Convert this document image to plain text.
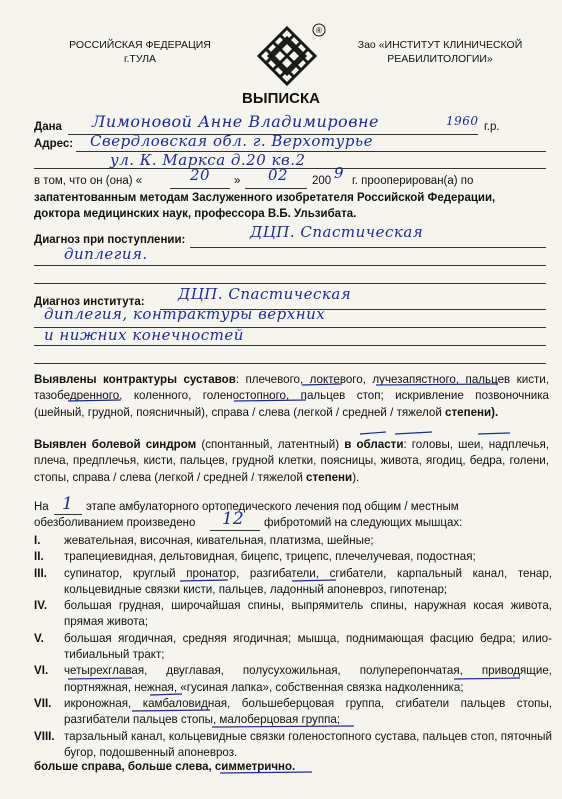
РОССИЙСКАЯ ФЕДЕРАЦИЯ
г.ТУЛА
®
Зао «ИНСТИТУТ КЛИНИЧЕСКОЙ
РЕАБИЛИТОЛОГИИ»
ВЫПИСКА
Дана Лимоновой Анне Владимировне	1960 г.р.
Адрес: Свердловская обл. г. Верхотурье
ул. К. Маркса д.20 кв.2
в том, что он (она) «	20 » 02 200 9 г. прооперирован(а) по
запатентованным методам Заслуженного изобретателя Российской Федерации,
доктора медицинских наук, профессора В.Б. Ульзибата.
Диагноз при поступлении:	ДЦП. Спастическая
диплегия.
Диагноз института: ДЦП. Спастическая
диплегия, контрактуры верхних
и нижних конечностей
Выявлены контрактуры суставов: плечевого, локтевого, лучезапястного, пальцев кисти, тазобедренного, коленного, голеностопного, пальцев стоп; искривление позвоночника (шейный, грудной, поясничный), справа / слева (легкой / средней / тяжелой степени).
Выявлен болевой синдром (спонтанный, латентный) в области: головы, шеи, надплечья, плеча, предплечья, кисти, пальцев, грудной клетки, поясницы, живота, ягодиц, бедра, голени, стопы, справа / слева (легкой / средней / тяжелой степени).
На 1 этапе амбулаторного ортопедического лечения под общим / местным
обезболиванием произведено 12 фибротомий на следующих мышцах:
I.	жевательная, височная, кивательная, платизма, шейные;
II.	трапециевидная, дельтовидная, бицепс, трицепс, плечелучевая, подостная;
III.	супинатор, круглый пронатор, разгибатели, сгибатели, карпальный канал, тенар, кольцевидные связки кисти, пальцев, ладонный апоневроз, гипотенар;
IV.	большая грудная, широчайшая спины, выпрямитель спины, наружная косая живота, прямая живота;
V.	большая ягодичная, средняя ягодичная; мышца, поднимающая фасцию бедра; илио-тибиальный тракт;
VI.	четырехглавая, двуглавая, полусухожильная, полуперепончатая, приводящие, портняжная, нежная, «гусиная лапка», собственная связка надколенника;
VII.	икроножная, камбаловидная, большеберцовая группа, сгибатели пальцев стопы, разгибатели пальцев стопы, малоберцовая группа;
VIII. тарзальный канал, кольцевидные связки голеностопного сустава, пальцев стоп, пяточный бугор, подошвенный апоневроз.
больше справа, больше слева, симметрично.
